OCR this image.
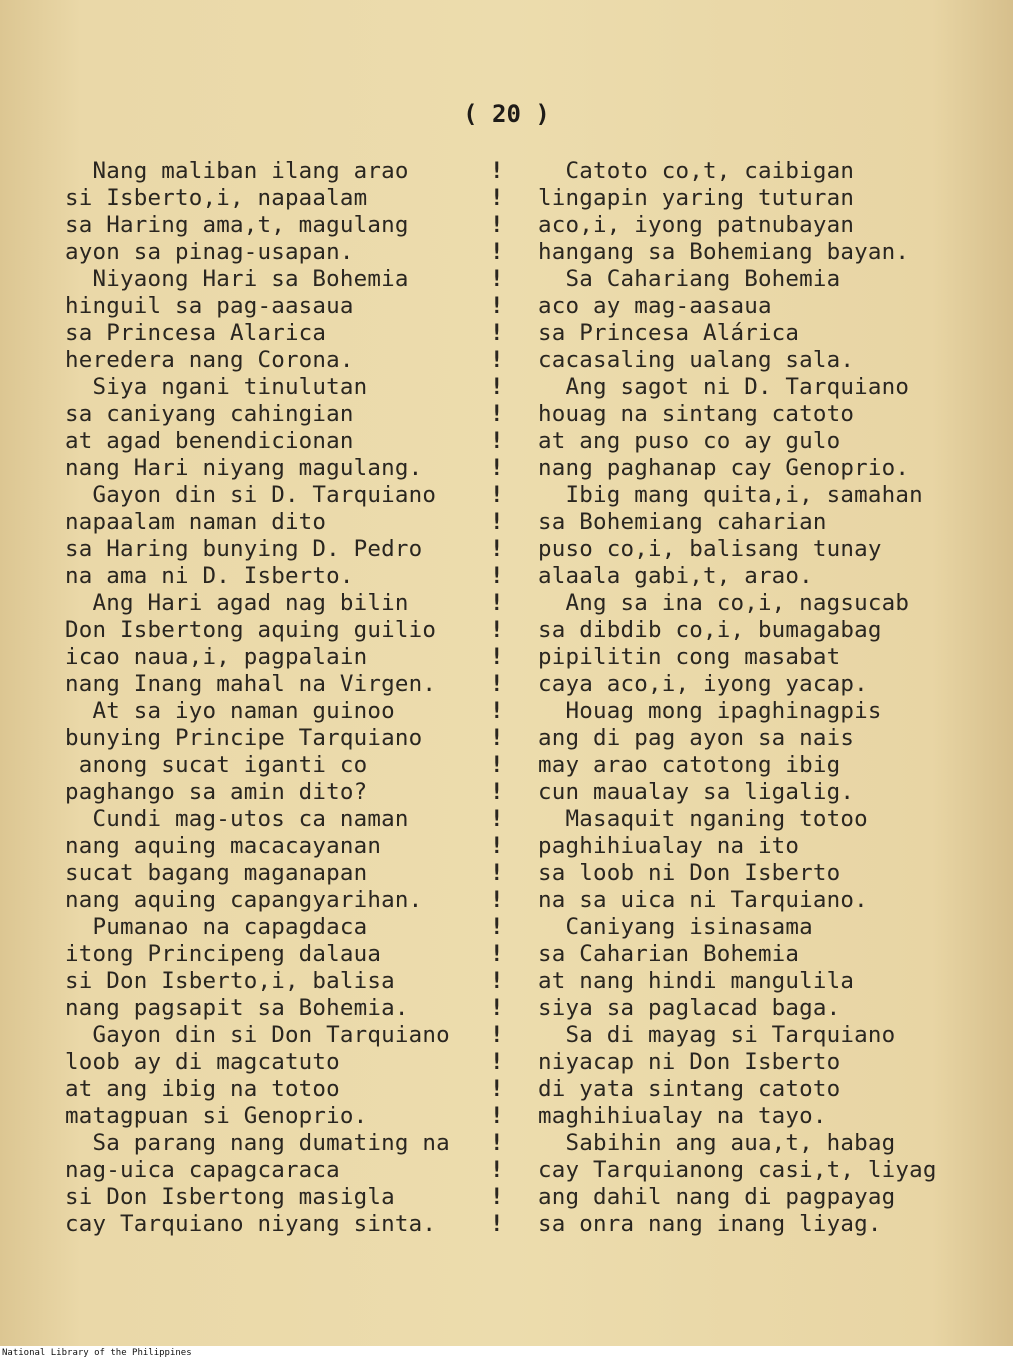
( 20 )
Nang maliban ilang arao	!
si Isberto,i, napaalam	!
sa Haring ama,t, magulang	!
ayon sa pinag-usapan.	!
Niyaong Hari sa Bohemia	!
hinguil sa pag-aasaua	!
sa Princesa Alarica	!
heredera nang Corona.	!
Siya ngani tinulutan	!
sa caniyang cahingian	!
at agad benendicionan	!
nang Hari niyang magulang.	!
Gayon din si D. Tarquiano !
napaalam naman dito	!
sa Haring bunying D. Pedro	!
na ama ni D. Isberto.	!
Ang Hari agad nag bilin	!
Don Isbertong aquing guilio !
icao naua,i, pagpalain	!
nang Inang mahal na Virgen. !
At sa iyo naman guinoo	!
bunying Principe Tarquiano	!
anong sucat iganti co	!
paghango sa amin dito?	!
Cundi mag-utos ca naman	!
nang aquing macacayanan	!
sucat bagang maganapan	!
nang aquing capangyarihan.	!
Pumanao na capagdaca	!
itong Principeng dalaua	!
si Don Isberto,i, balisa	!
nang pagsapit sa Bohemia.	!
Gayon din si Don Tarquiano !
loob ay di magcatuto	!
at ang ibig na totoo	!
matagpuan si Genoprio.	!
Sa parang nang dumating na !
nag-uica capagcaraca	!
si Don Isbertong masigla	!
cay Tarquiano niyang sinta. !
Catoto co,t, caibigan
lingapin yaring tuturan
aco,i, iyong patnubayan
hangang sa Bohemiang bayan.
Sa Cahariang Bohemia
aco ay mag-aasaua
sa Princesa Alárica
cacasaling ualang sala.
Ang sagot ni D. Tarquiano
houag na sintang catoto
at ang puso co ay gulo
nang paghanap cay Genoprio.
Ibig mang quita,i, samahan
sa Bohemiang caharian
puso co,i, balisang tunay
alaala gabi,t, arao.
Ang sa ina co,i, nagsucab
sa dibdib co,i, bumagabag
pipilitin cong masabat
caya aco,i, iyong yacap.
Houag mong ipaghinagpis
ang di pag ayon sa nais
may arao catotong ibig
cun maualay sa ligalig.
Masaquit nganing totoo
paghihiualay na ito
sa loob ni Don Isberto
na sa uica ni Tarquiano.
Caniyang isinasama
sa Caharian Bohemia
at nang hindi mangulila
siya sa paglacad baga.
Sa di mayag si Tarquiano
niyacap ni Don Isberto
di yata sintang catoto
maghihiualay na tayo.
Sabihin ang aua,t, habag
cay Tarquianong casi,t, liyag
ang dahil nang di pagpayag
sa onra nang inang liyag.
National Library of the Philippines
